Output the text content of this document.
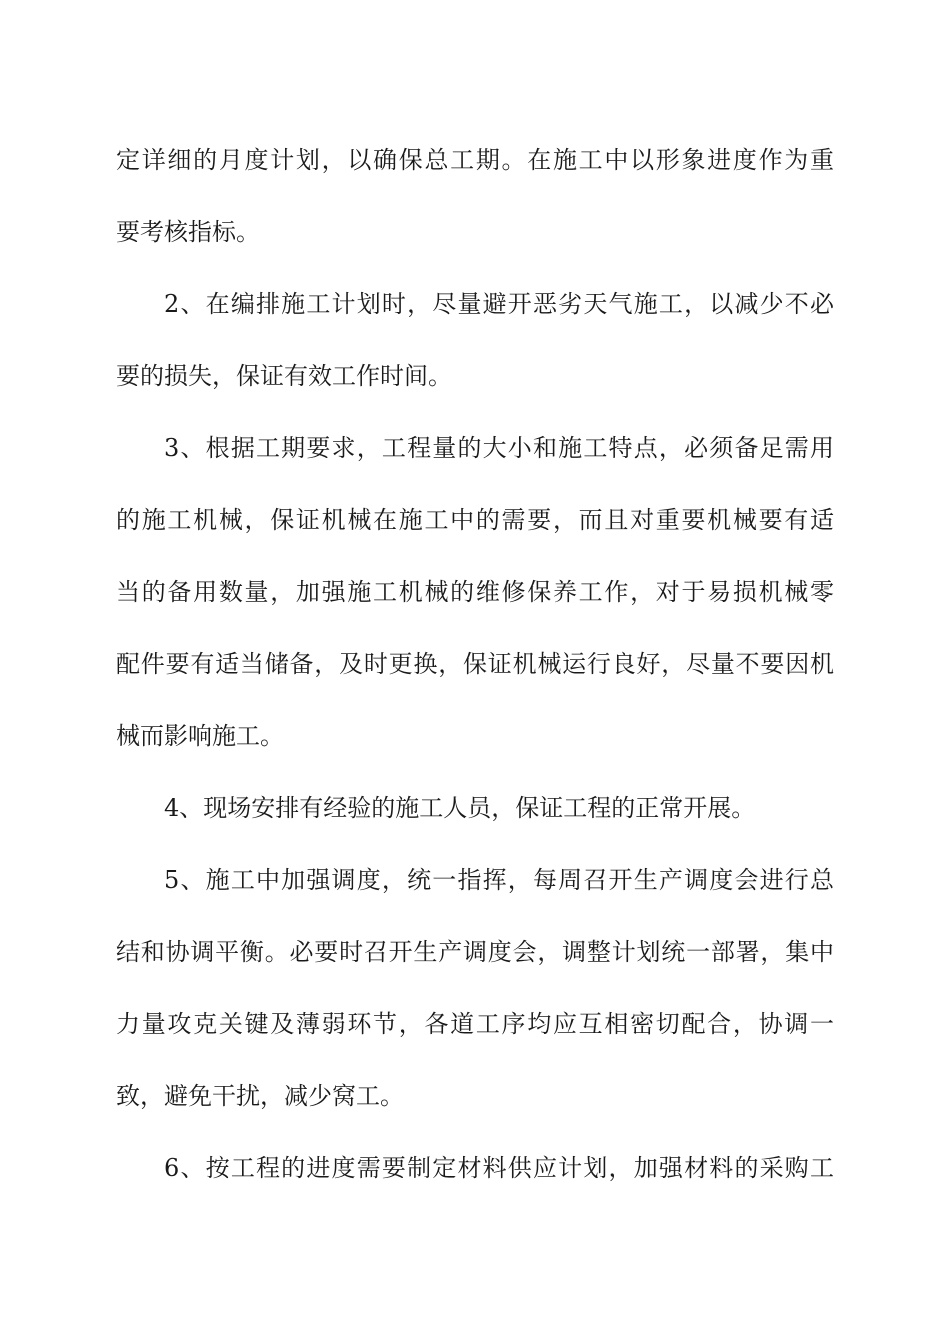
定详细的月度计划，以确保总工期。在施工中以形象进度作为重
要考核指标。
2、在编排施工计划时，尽量避开恶劣天气施工，以减少不必
要的损失，保证有效工作时间。
3、根据工期要求，工程量的大小和施工特点，必须备足需用
的施工机械，保证机械在施工中的需要，而且对重要机械要有适
当的备用数量，加强施工机械的维修保养工作，对于易损机械零
配件要有适当储备，及时更换，保证机械运行良好，尽量不要因机
械而影响施工。
4、现场安排有经验的施工人员，保证工程的正常开展。
5、施工中加强调度，统一指挥，每周召开生产调度会进行总
结和协调平衡。必要时召开生产调度会，调整计划统一部署，集中
力量攻克关键及薄弱环节，各道工序均应互相密切配合，协调一
致，避免干扰，减少窝工。
6、按工程的进度需要制定材料供应计划，加强材料的采购工
